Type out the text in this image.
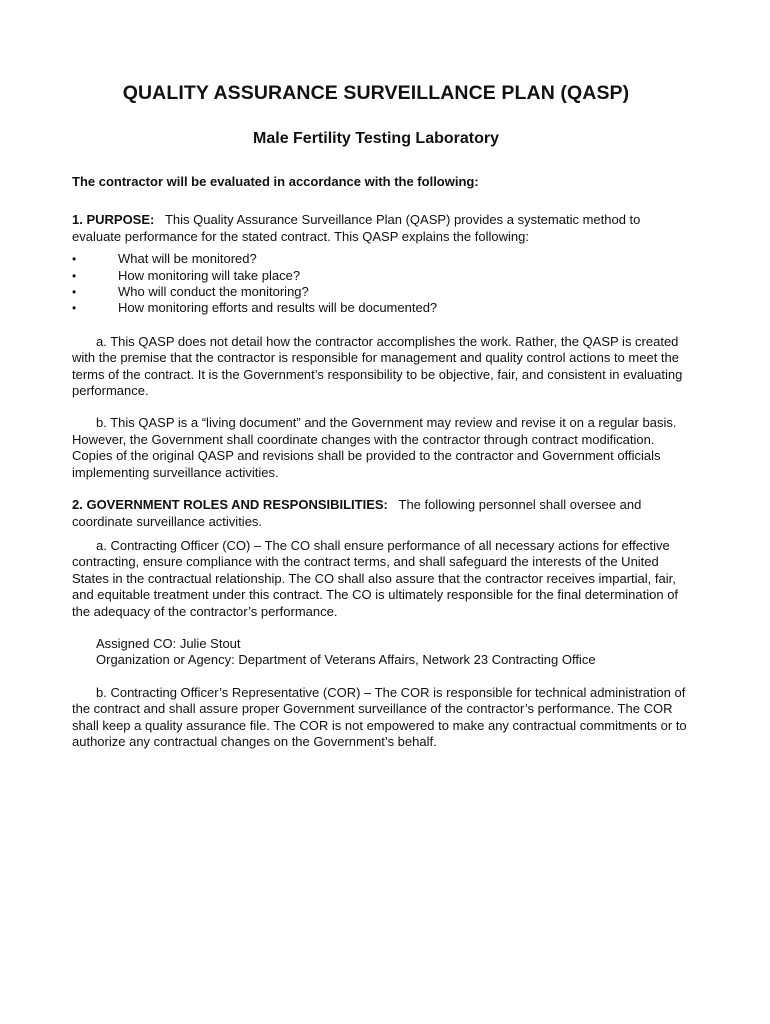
QUALITY ASSURANCE SURVEILLANCE PLAN (QASP)
Male Fertility Testing Laboratory

The contractor will be evaluated in accordance with the following:

1. PURPOSE: This Quality Assurance Surveillance Plan (QASP) provides a systematic method to evaluate performance for the stated contract. This QASP explains the following:

•	What will be monitored?
•	How monitoring will take place?
•	Who will conduct the monitoring?
•	How monitoring efforts and results will be documented?

a. This QASP does not detail how the contractor accomplishes the work. Rather, the QASP is created with the premise that the contractor is responsible for management and quality control actions to meet the terms of the contract. It is the Government’s responsibility to be objective, fair, and consistent in evaluating performance.

b. This QASP is a “living document” and the Government may review and revise it on a regular basis. However, the Government shall coordinate changes with the contractor through contract modification. Copies of the original QASP and revisions shall be provided to the contractor and Government officials implementing surveillance activities.

2. GOVERNMENT ROLES AND RESPONSIBILITIES: The following personnel shall oversee and coordinate surveillance activities.

a. Contracting Officer (CO) – The CO shall ensure performance of all necessary actions for effective contracting, ensure compliance with the contract terms, and shall safeguard the interests of the United States in the contractual relationship. The CO shall also assure that the contractor receives impartial, fair, and equitable treatment under this contract. The CO is ultimately responsible for the final determination of the adequacy of the contractor’s performance.

Assigned CO: Julie Stout

Organization or Agency: Department of Veterans Affairs, Network 23 Contracting Office

b. Contracting Officer’s Representative (COR) – The COR is responsible for technical administration of the contract and shall assure proper Government surveillance of the contractor’s performance. The COR shall keep a quality assurance file. The COR is not empowered to make any contractual commitments or to authorize any contractual changes on the Government’s behalf.
